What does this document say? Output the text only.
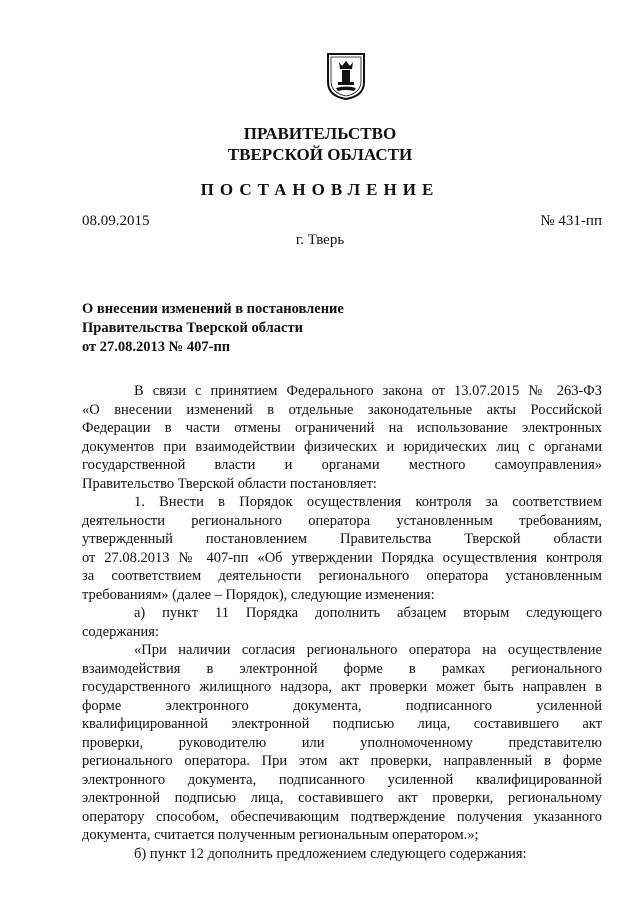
ПРАВИТЕЛЬСТВО
ТВЕРСКОЙ ОБЛАСТИ
ПОСТАНОВЛЕНИЕ
08.09.2015	№ 431-пп
г. Тверь
О внесении изменений в постановление
Правительства Тверской области
от 27.08.2013 № 407-пп

В связи с принятием Федерального закона от 13.07.2015 № 263-ФЗ

«О внесении изменений в отдельные законодательные акты Российской

Федерации в части отмены ограничений на использование электронных

документов при взаимодействии физических и юридических лиц с органами

государственной власти и органами местного самоуправления»

Правительство Тверской области постановляет:

1. Внести в Порядок осуществления контроля за соответствием

деятельности регионального оператора установленным требованиям,

утвержденный постановлением Правительства Тверской области

от 27.08.2013 № 407-пп «Об утверждении Порядка осуществления контроля

за соответствием деятельности регионального оператора установленным

требованиям» (далее – Порядок), следующие изменения:

а) пункт 11 Порядка дополнить абзацем вторым следующего

содержания:

«При наличии согласия регионального оператора на осуществление

взаимодействия в электронной форме в рамках регионального

государственного жилищного надзора, акт проверки может быть направлен в

форме электронного документа, подписанного усиленной

квалифицированной электронной подписью лица, составившего акт

проверки, руководителю или уполномоченному представителю

регионального оператора. При этом акт проверки, направленный в форме

электронного документа, подписанного усиленной квалифицированной

электронной подписью лица, составившего акт проверки, региональному

оператору способом, обеспечивающим подтверждение получения указанного

документа, считается полученным региональным оператором.»;

б) пункт 12 дополнить предложением следующего содержания:
